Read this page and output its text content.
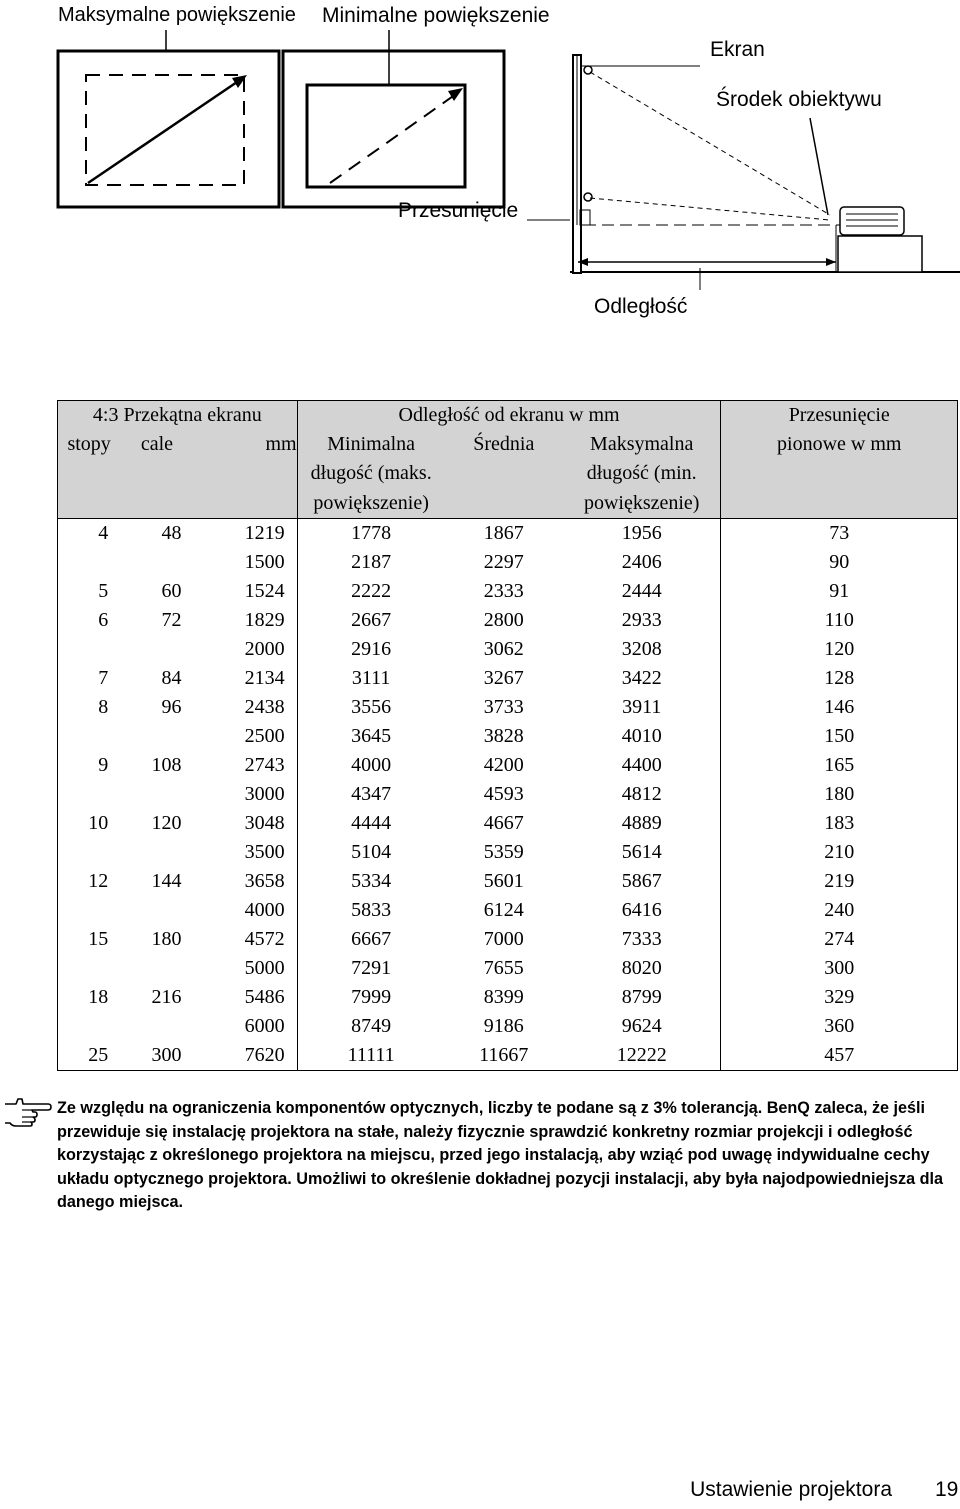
Maksymalne powiększenie Minimalne powiększenie
Ekran
Środek obiektywu
Przesunięcie
Odległość
4:3 Przekątna ekranu			Odległość od ekranu w mm			Przesunięcie
stopy	cale	mm	Minimalna	Średnia	Maksymalna	pionowe w mm
			długość (maks.		długość (min.	
			powiększenie)		powiększenie)	
4	48	1219	1778	1867	1956	73
		1500	2187	2297	2406	90
5	60	1524	2222	2333	2444	91
6	72	1829	2667	2800	2933	110
		2000	2916	3062	3208	120
7	84	2134	3111	3267	3422	128
8	96	2438	3556	3733	3911	146
		2500	3645	3828	4010	150
9	108	2743	4000	4200	4400	165
		3000	4347	4593	4812	180
10	120	3048	4444	4667	4889	183
		3500	5104	5359	5614	210
12	144	3658	5334	5601	5867	219
		4000	5833	6124	6416	240
15	180	4572	6667	7000	7333	274
		5000	7291	7655	8020	300
18	216	5486	7999	8399	8799	329
		6000	8749	9186	9624	360
25	300	7620	11111	11667	12222	457
Ze względu na ograniczenia komponentów optycznych, liczby te podane są z 3% tolerancją. BenQ zaleca, że jeśli przewiduje się instalację projektora na stałe, należy fizycznie sprawdzić konkretny rozmiar projekcji i odległość korzystając z określonego projektora na miejscu, przed jego instalacją, aby wziąć pod uwagę indywidualne cechy układu optycznego projektora. Umożliwi to określenie dokładnej pozycji instalacji, aby była najodpowiedniejsza dla danego miejsca.
Ustawienie projektora 19
